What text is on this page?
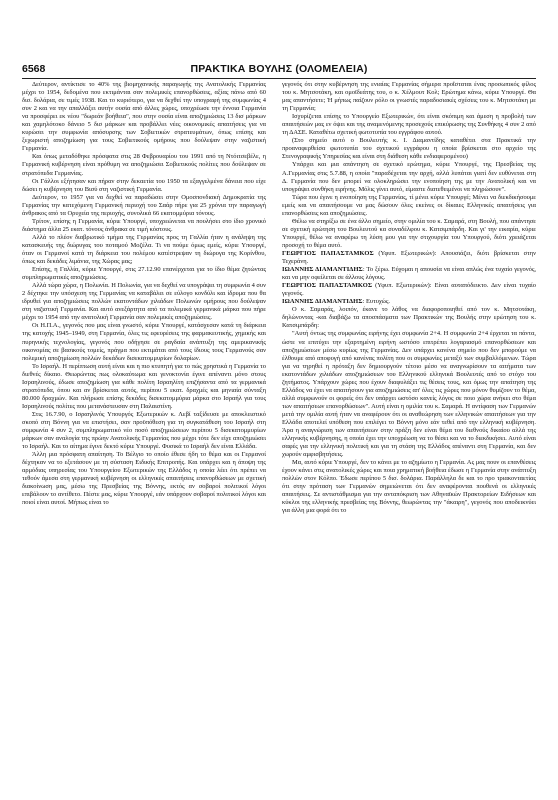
6568	ΠΡΑΚΤΙΚΑ ΒΟΥΛΗΣ (ΟΛΟΜΕΛΕΙΑ)

Δεύτερον, αντίκτισε το 40% της βιομηχανικής παραγωγής της Ανατολικής Γερμανίας μέχρι το 1954, δεδομένα που εκτιμάνται σαν πολεμικές επανορθώσεις, αξίας πάνω από 60 δισ. δολάρια, σε τιμές 1938. Και το κυριότερο, για να δεχθεί την υπογραφή της συμφωνίας 4 συν 2 και να την απαλλάξει αυτήν ουσία από άλλες χώρες, υποχρέωσε την έννοια Γερμανία να προσφέρει εκ νέου "δωρεάν βοήθεια", που στην ουσία είναι αποζημιώσεις 13 δισ μάρκων και χαμηλότοκο δάνειο 5 δισ μάρκων και προβάλλει νέες οικονομικές απαιτήσεις για να κυρώσει την συμφωνία απόσυρσης των Σοβιετικών στρατευμάτων, όπως επίσης και ξεχωριστή αποζημίωση για τους Σοβιετικούς ομήρους που δούλεψαν στην ναζιστική Γερμανία.

Και όπως μεταδόθηκε πρόσφατα στις 28 Φεβρουαρίου του 1991 από τη Ντόιτσεβέλε, η Γερμανική κυβέρνηση είναι πρόθυμη να αποζημιώσει Σοβιετικούς πολίτες που δούλεψαν σε στρατόπεδα Γερμανίας.

Οι Γάλλοι εξήτησαν και πήραν στην δεκαετία του 1950 τα εξαγγελμένα δάνεια που είχε δώσει η κυβέρνηση του Βισύ στη ναζιστική Γερμανία.

Δεύτερον, το 1957 για να δεχθεί να παραδώσει στην Ομοσπονδιακή Δημοκρατία της Γερμανίας την κατεχόμενη Γερμανική περιοχή του Σαάρ πήρε για 25 χρόνια την παραγωγή άνθρακος από τα Ορυχεία της περιοχής, συνολικά 66 εκατομμύρια τόνους.

Τρίτον, επίσης η Γερμανία, κύριε Υπουργέ, υποχρεώνεται να πουλήσει στο ίδιο χρονικό διάστημα άλλα 25 εκατ. τόνους άνθρακα σε τιμή κόστους.

Αλλά το πλέον διαβρωτικό τμήμα της Γερμανίας προς τη Γαλλία ήταν η ανάληψη της κατασκευής της διώρυγας του ποταμού Μοζέλα. Τι να πούμε όμως εμείς, κύριε Υπουργέ, όταν οι Γερμανοί κατά τη διάρκεια του πολέμου κατέστρεψαν τη διώρυγα της Κορίνθου, όπως και δεκάδες λιμάνια, της Χώρας μας;

Επίσης, η Γαλλία, κύριε Υπουργέ, στις 27.12.90 επανέρχεται για το ίδιο θέμα ζητώντας συμπληρωματικές αποζημιώσεις.

Αλλά τώρα χώρα, η Πολωνία. Η Πολωνία, για να δεχθεί να υπογράψει τη συμφωνία 4 συν 2 δέχτηκε την υπόσχεση της Γερμανίας να καταβάλει σε εύλογο κονδύλι και ίδρυμα που θα ιδρυθεί για αποζημιώσεις πολλών εκατοντάδων χιλιάδων Πολωνών ομήρους που δούλεψαν στη ναζιστική Γερμανία. Και αυτό ανεξάρτητα από τα πολεμικά γερμανικά μάρκα που πήρε μέχρι το 1954 από την ανατολική Γερμανία σαν πολεμικές αποζημιώσεις.

Οι Η.Π.Α., γεγονός που μας είναι γνωστό, κύριε Υπουργέ, κατάσχεσαν κατά τη διάρκεια της κατοχής 1945–1949, στη Γερμανία, όλες τις εφευρέσεις της φαρμακευτικής, χημικής και πυρηνικής τεχνολογίας, γεγονός που οδήγησε σε ραγδαία ανάπτυξη της αμερικανικής οικονομίας σε βασικούς τομείς, πράγμα που εκτιμάται από τους ίδιους τους Γερμανούς σαν πολεμική αποζημίωση πολλών δεκάδων δισεκατομμυρίων δολαρίων.

Το Ισραήλ. Η περίπτωση αυτή είναι και η πιο κτυπητή για το πώς χρηστικά η Γερμανία το διεθνές δίκαιο. Θεωρώντας πως ολοκαύτωμα και γενοκτονία έγινε απέναντι μόνο στους Ισραηλινούς, έδωσε αποζημίωση για κάθε πολίτη Ισραηλίτη επιζήσαντα από τα γερμανικά στρατόπεδα, όπου και αν βρίσκεται αυτός, περίπου 5 εκατ. δραχμές και μηνιαία σύνταξη 80.000 δραχμών. Και πλήρωσε επίσης δεκάδες δισεκατομμύρια μάρκα στο Ισραήλ για τους Ισραηλινούς πολίτες που μετανάστευσαν στη Παλαιστίνη.

Στις 16.7.90, ο Ισραηλινός Υπουργός Εξωτερικών κ. Λεβί ταξίδευσε με αποκλειστικό σκοπό στη Βόννη για να επιστήσει, σαν προϋπόθεση για τη συγκατάθεση του Ισραήλ στη συμφωνία 4 συν 2, συμπληρωματικό νέο ποσό αποζημιώσεων περίπου 5 δισεκατομμυρίων μάρκων σαν αναλογία της πρώην Ανατολικής Γερμανίας που μέχρι τότε δεν είχε αποζημιώσει το Ισραήλ. Και το αίτημα έγινε δεκτό κύριε Υπουργέ. Φυσικά το Ισραήλ δεν είναι Ελλάδα.

Άλλη μια πρόσφατη απαίτηση. Το Βέλγιο το οποίο έθεσε ήδη το θέμα και οι Γερμανοί δέχτηκαν να το εξετάσουν με τη σύσταση Ειδικής Επιτροπής. Και υπάρχει και η άποψη της αρμόδιας υπηρεσίας του Υπουργείου Εξωτερικών της Ελλάδος η οποία λέει ότι πρέπει να τεθούν άμεσα στη γερμανική κυβέρνηση οι ελληνικές απαιτήσεις επανορθώσεων με σχετική διακοίνωση μας, μέσω της Πρεσβείας της Βόννης, εκτός αν σοβαροί πολιτικοί λόγοι επιβάλουν το αντίθετο. Πέστε μας, κύριε Υπουργέ, εάν υπάρχουν σοβαροί πολιτικοί λόγοι και ποιοί είναι αυτοί. Μήπως είναι το

γεγονός ότι στην κυβέρνηση της ενιαίας Γερμανίας σήμερα προΐσταται ένας προσωπικός φίλος του κ. Μητσοτάκη, και ομοϊδεάτης του, ο κ. Χέλμουτ Κολ; Ερώτημα κάνω, κύριε Υπουργέ. Θα μας απαντήσετε; Ή μήπως παίζουν ρόλο οι γνωστές παραδοσιακές σχέσεις του κ. Μητσοτάκη με τη Γερμανία;

Ισχυρίζεται επίσης το Υπουργείο Εξωτερικών, ότι είναι σκόπιμη και άμεση η προβολή των απαιτήσεών μας εν όψει και της αναμενόμενης προσεχούς επικύρωσης της Συνθήκης 4 συν 2 από τη ΔΑΣΕ. Καταθέτω σχετική φωτοτυπία του εγγράφου αυτού.

(Στο σημείο αυτό ο Βουλευτής κ. Ι. Διαμαντίδης καταθέτει στα Πρακτικά την προαναφερθείσα φωτοτυπία του σχετικού εγγράφου η οποία βρίσκεται στο αρχείο της Στενογραφικής Υπηρεσίας και είναι στη διάθεση κάθε ενδιαφερομένου)

Υπάρχει και μια απάντηση σε σχετικό ερώτημα, κύριε Υπουργέ, της Πρεσβείας της Α.Γερμανίας στις 5.7.88, η οποία "παραδέχεται την αρχή, αλλά λυπάται γιατί δεν ευθύνεται στη Δ. Γερμανία που δεν μπορεί να ολοκληρώσει την ενοποίηση της με την Ανατολική και να υπογράψει συνθήκη ειρήνης. Μόλις γίνει αυτό, είμαστε διατεθειμένοι να πληρώσουν".

Τώρα που έγινε η ενοποίηση της Γερμανίας, τί μένει κύριε Υπουργέ; Μένει να διεκδικήσουμε εμείς και να απαιτήσουμε να μας δώσουν όλες εκείνες οι δίκαιες Ελληνικές απαιτήσεις για επανορθώσεις και αποζημιώσεις.

Θέλω να στηρίξω σε ένα άλλο σημείο, στην ομιλία του κ. Σαμαρά, στη Βουλή, που απάντησε σε σχετική ερώτηση του Βουλευτού κα συναδέλφου κ. Κατσιμπάρδη. Και γι' την εικαρία, κύριε Υπουργέ, θέλω να αναφέρω τη λύση μου για την στιχουργία του Υπουργού, διότι χρειάζεται προσοχή το θέμα αυτό.

ΓΕΩΡΓΙΟΣ ΠΑΠΑΣΤΑΜΚΟΣ (Υφυπ. Εξωτερικών): Απουσιάζει, διότι βρίσκεται στην Τεχεράνη.

ΙΩΑΝΝΗΣ ΔΙΑΜΑΝΤΙΔΗΣ: Το ξέρω. Εύχομαι η απουσία να είναι απλώς ένα τυχαίο γεγονός, και να μην οφείλεται σε άλλους λόγους.

ΓΕΩΡΓΙΟΣ ΠΑΠΑΣΤΑΜΚΟΣ (Υφυπ. Εξωτερικών): Είναι αυταπόδεικτο. Δεν είναι τυχαίο γεγονός.

ΙΩΑΝΝΗΣ ΔΙΑΜΑΝΤΙΔΗΣ: Ευτυχώς.

Ο κ. Σαμαράς, λοιπόν, έκανε το λάθος να διαφοροποιηθεί από τον κ. Μητσοτάκη, δηλώνοντας -και διαβάζω τα αποσπάσματα των Πρακτικών της Βουλής στην ερώτηση του κ. Κατσιμπάρδη:

"Αυτή όντως της συμφωνίας ειρήνης έχει συμφωνία 2+4. Η συμφωνία 2+4 έρχεται τα πάντα, ώστε να επιτύχει την εξαρτημένη ειρήνη ωστόσο επιτρέπει λογαριασμό επανορθώσεων και αποζημιώσεων μέσω κυρίως της Γερμανίας. Δεν υπάρχει κανένα σημείο που δεν μπορούμε να έλθουμε από αποφυγή από κανένας πολίτη που οι συμφωνίες μεταξύ των συμβαλλόμενων. Τώρα για να τηρηθεί η πρόταξη δεν δημιουργούν τέτοιο μέσο να αναγνωρίσουν τα αιτήματα των εκατοντάδων χιλιάδων αποζημιώσεων του Ελληνικού ελληνικά Βουλευτές από το στόχο του ζητήματος. Υπάρχουν χώρες που έχουν διαφυλάξει τις θέσεις τους, και όμως την απαίτηση της Ελλάδος να έχει να απαιτήσουν για αποζημιώσεις απ' όλες τις χώρες που μόνον θυμίζουν το θέμα, αλλά συμφωνούν οι φορείς ότι δεν υπάρχει ωστόσο κανείς λόγος σε ποιο χώρα ανήκει στο θέμα των απαιτήσεων επανορθώσεων". Αυτή είναι η ομιλία του κ. Σαμαρά. Η αντίφαση των Γερμανών μετά την ομιλία αυτή ήταν να αναφέρουν ότι οι αναθεώρηση των ελληνικών απαιτήσεων για την Ελλάδα αποτελεί υπόθεση που επιλέγει το Βόννη μόνο εάν τεθεί από την ελληνική κυβέρνηση. Άρα η αναγνώριση των απαιτήσεων στην πράξη δεν είναι θέμα του διεθνούς δικαίου αλλά της ελληνικής κυβέρνησης, η οποία έχει την υποχρέωση να το θέσει και να το διεκδικήσει. Αυτό είναι σαφές για την ελληνική πολιτική και για τη στάση της Ελλάδος απέναντι στη Γερμανία, και δεν χωρούν αμφισβητήσεις.

Μα, αυτό κύριε Υπουργέ, δεν το κάνει με το αζημίωτο η Γερμανία. Ας μας πουν οι επανθέσεις έχουν κάνει στις ανατολικές χώρες και ποια χρηματική βοήθεια έδωσε η Γερμανία στην ανάπτυξη πολλών στον Κόλπο. Έδωσε περίπου 5 δισ. δολάρια. Παράλληλα δε και το προ τριακονταετίας ότι στην πρόταση των Γερμανών σημειώνεται ότι δεν αναφέρονται πουθενά οι ελληνικές απαιτήσεις. Σε αντιστάθμισμα για την ανταπόκριση των Αθηναϊκών Πρακτορείων Ειδήσεων και κύκλοι της ελληνικής πρεσβείας της Βόννης, θεωρώντας την "άκαιρη", γεγονός που αποδεικνύει για άλλη μια φορά ότι το
